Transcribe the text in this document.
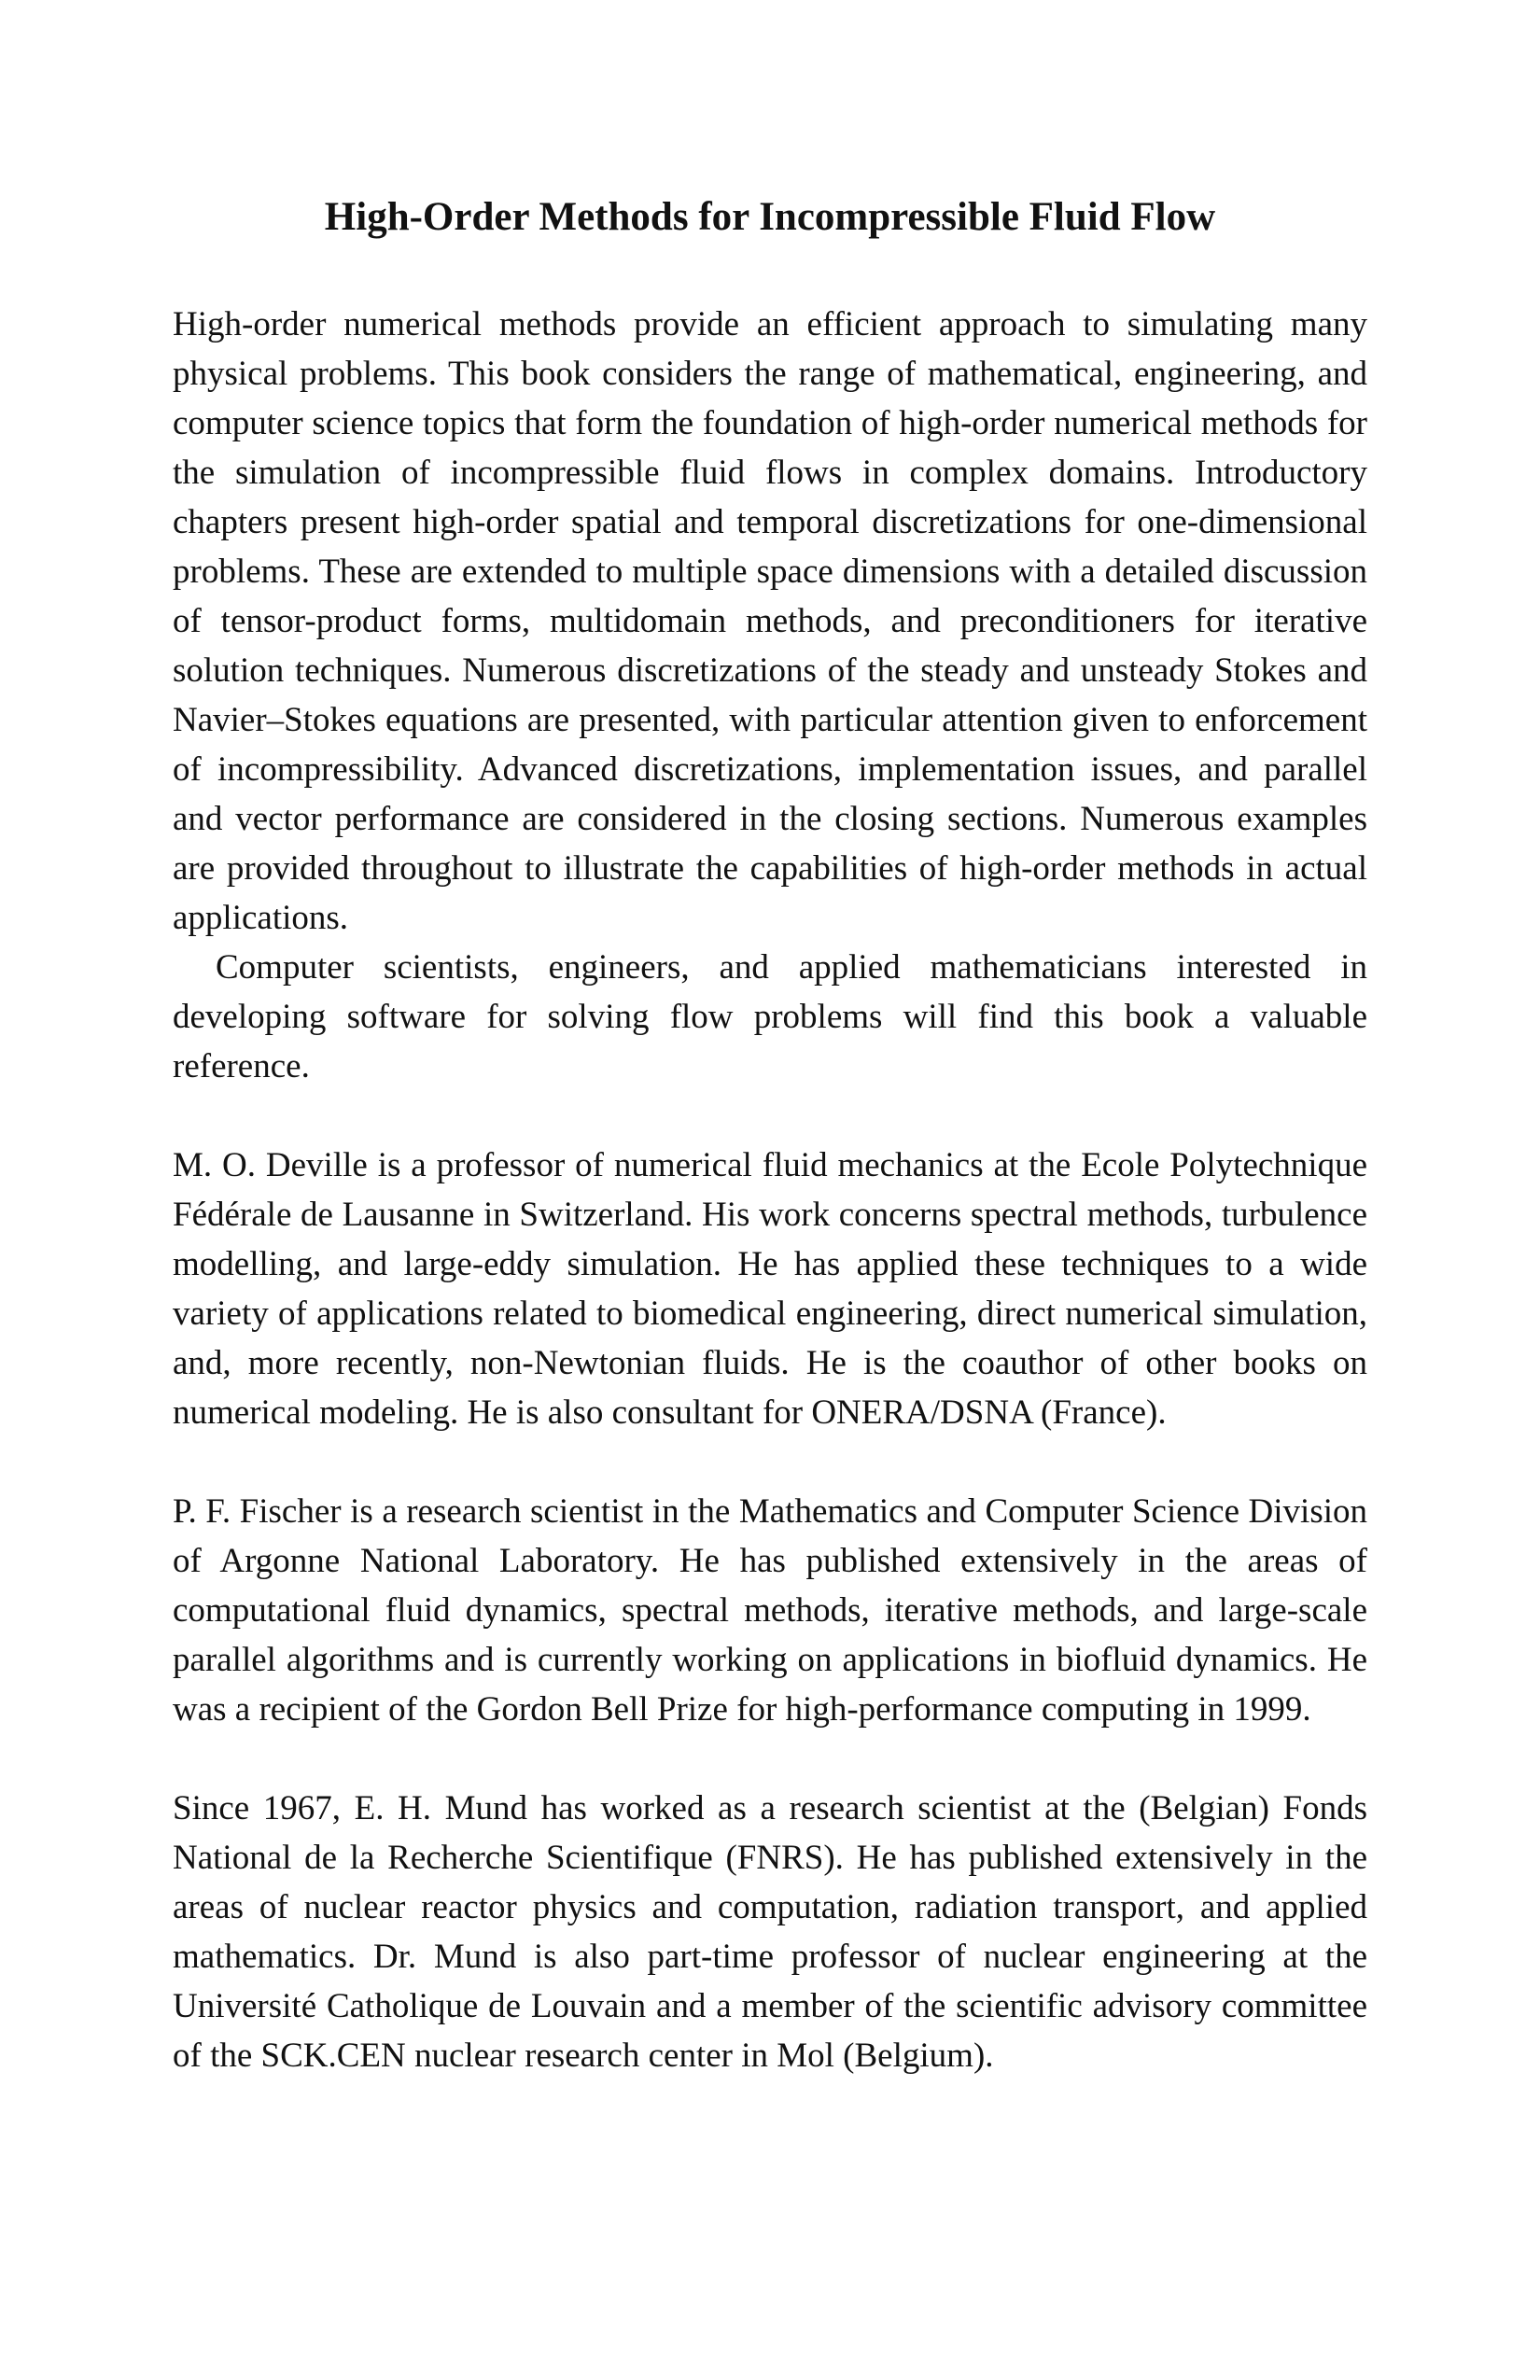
High-Order Methods for Incompressible Fluid Flow

High-order numerical methods provide an efficient approach to simulating many physical problems. This book considers the range of mathematical, engineering, and computer science topics that form the foundation of high-order numerical methods for the simulation of incompressible fluid flows in complex domains. Introductory chapters present high-order spatial and temporal discretizations for one-dimensional problems. These are extended to multiple space dimensions with a detailed discussion of tensor-product forms, multidomain methods, and preconditioners for iterative solution techniques. Numerous discretizations of the steady and unsteady Stokes and Navier–Stokes equations are presented, with particular attention given to enforcement of incompressibility. Advanced discretizations, implementation issues, and parallel and vector performance are considered in the closing sections. Numerous examples are provided throughout to illustrate the capabilities of high-order methods in actual applications.

Computer scientists, engineers, and applied mathematicians interested in developing software for solving flow problems will find this book a valuable reference.

M. O. Deville is a professor of numerical fluid mechanics at the Ecole Polytechnique Fédérale de Lausanne in Switzerland. His work concerns spectral methods, turbulence modelling, and large-eddy simulation. He has applied these techniques to a wide variety of applications related to biomedical engineering, direct numerical simulation, and, more recently, non-Newtonian fluids. He is the coauthor of other books on numerical modeling. He is also consultant for ONERA/DSNA (France).

P. F. Fischer is a research scientist in the Mathematics and Computer Science Division of Argonne National Laboratory. He has published extensively in the areas of computational fluid dynamics, spectral methods, iterative methods, and large-scale parallel algorithms and is currently working on applications in biofluid dynamics. He was a recipient of the Gordon Bell Prize for high-performance computing in 1999.

Since 1967, E. H. Mund has worked as a research scientist at the (Belgian) Fonds National de la Recherche Scientifique (FNRS). He has published extensively in the areas of nuclear reactor physics and computation, radiation transport, and applied mathematics. Dr. Mund is also part-time professor of nuclear engineering at the Université Catholique de Louvain and a member of the scientific advisory committee of the SCK.CEN nuclear research center in Mol (Belgium).
